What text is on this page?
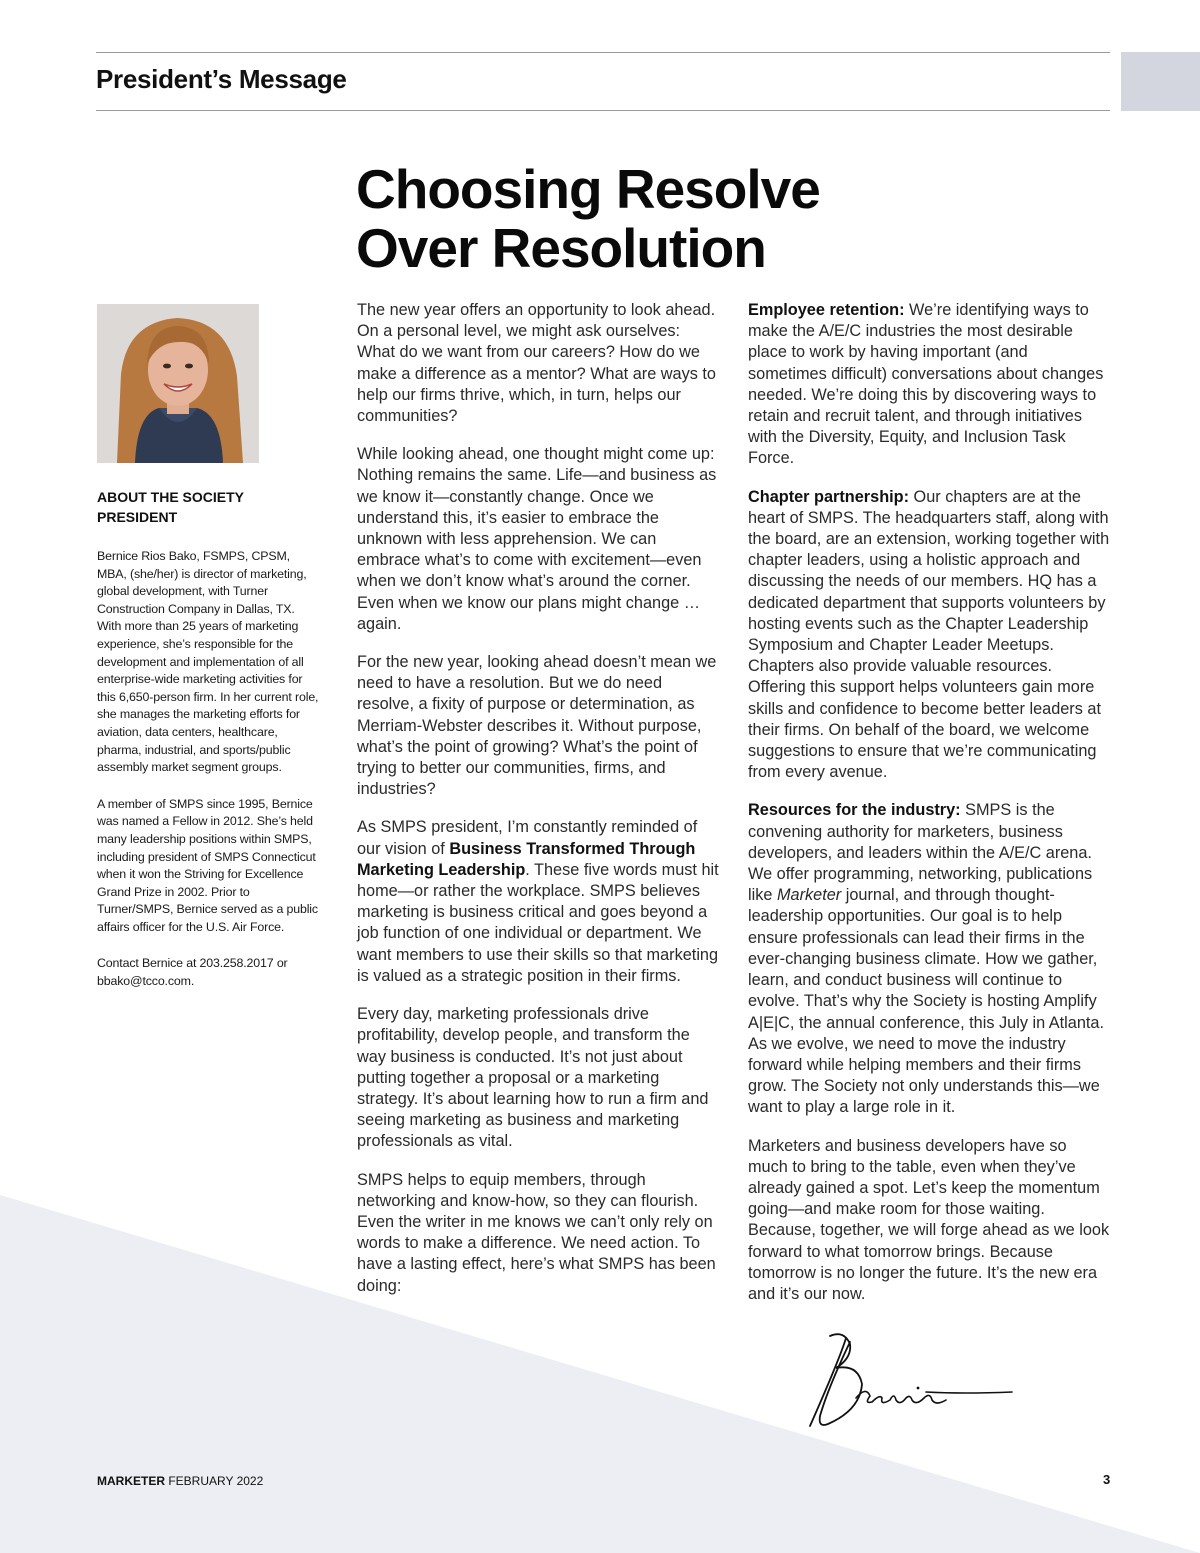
President’s Message
Choosing Resolve
Over Resolution
ABOUT THE SOCIETY
PRESIDENT

Bernice Rios Bako, FSMPS, CPSM, MBA, (she/her) is director of marketing, global development, with Turner Construction Company in Dallas, TX. With more than 25 years of marketing experience, she’s responsible for the development and implementation of all enterprise-wide marketing activities for this 6,650-person firm. In her current role, she manages the marketing efforts for aviation, data centers, healthcare, pharma, industrial, and sports/public assembly market segment groups.

A member of SMPS since 1995, Bernice was named a Fellow in 2012. She’s held many leadership positions within SMPS, including president of SMPS Connecticut when it won the Striving for Excellence Grand Prize in 2002. Prior to Turner/SMPS, Bernice served as a public affairs officer for the U.S. Air Force.

Contact Bernice at 203.258.2017 or bbako@tcco.com.

The new year offers an opportunity to look ahead. On a personal level, we might ask ourselves: What do we want from our careers? How do we make a difference as a mentor? What are ways to help our firms thrive, which, in turn, helps our communities?

While looking ahead, one thought might come up: Nothing remains the same. Life—and business as we know it—constantly change. Once we understand this, it’s easier to embrace the unknown with less apprehension. We can embrace what’s to come with excitement—even when we don’t know what’s around the corner. Even when we know our plans might change … again.

For the new year, looking ahead doesn’t mean we need to have a resolution. But we do need resolve, a fixity of purpose or determination, as Merriam-Webster describes it. Without purpose, what’s the point of growing? What’s the point of trying to better our communities, firms, and industries?

As SMPS president, I’m constantly reminded of our vision of Business Transformed Through Marketing Leadership. These five words must hit home—or rather the workplace. SMPS believes marketing is business critical and goes beyond a job function of one individual or department. We want members to use their skills so that marketing is valued as a strategic position in their firms.

Every day, marketing professionals drive profitability, develop people, and transform the way business is conducted. It’s not just about putting together a proposal or a marketing strategy. It’s about learning how to run a firm and seeing marketing as business and marketing professionals as vital.

SMPS helps to equip members, through networking and know-how, so they can flourish. Even the writer in me knows we can’t only rely on words to make a difference. We need action. To have a lasting effect, here’s what SMPS has been doing:

Employee retention: We’re identifying ways to make the A/E/C industries the most desirable place to work by having important (and sometimes difficult) conversations about changes needed. We’re doing this by discovering ways to retain and recruit talent, and through initiatives with the Diversity, Equity, and Inclusion Task Force.

Chapter partnership: Our chapters are at the heart of SMPS. The headquarters staff, along with the board, are an extension, working together with chapter leaders, using a holistic approach and discussing the needs of our members. HQ has a dedicated department that supports volunteers by hosting events such as the Chapter Leadership Symposium and Chapter Leader Meetups. Chapters also provide valuable resources. Offering this support helps volunteers gain more skills and confidence to become better leaders at their firms. On behalf of the board, we welcome suggestions to ensure that we’re communicating from every avenue.

Resources for the industry: SMPS is the convening authority for marketers, business developers, and leaders within the A/E/C arena. We offer programming, networking, publications like Marketer journal, and through thought-leadership opportunities. Our goal is to help ensure professionals can lead their firms in the ever-changing business climate. How we gather, learn, and conduct business will continue to evolve. That’s why the Society is hosting Amplify A|E|C, the annual conference, this July in Atlanta. As we evolve, we need to move the industry forward while helping members and their firms grow. The Society not only understands this—we want to play a large role in it.

Marketers and business developers have so much to bring to the table, even when they’ve already gained a spot. Let’s keep the momentum going—and make room for those waiting. Because, together, we will forge ahead as we look forward to what tomorrow brings. Because tomorrow is no longer the future. It’s the new era and it’s our now.

MARKETER FEBRUARY 2022	3
